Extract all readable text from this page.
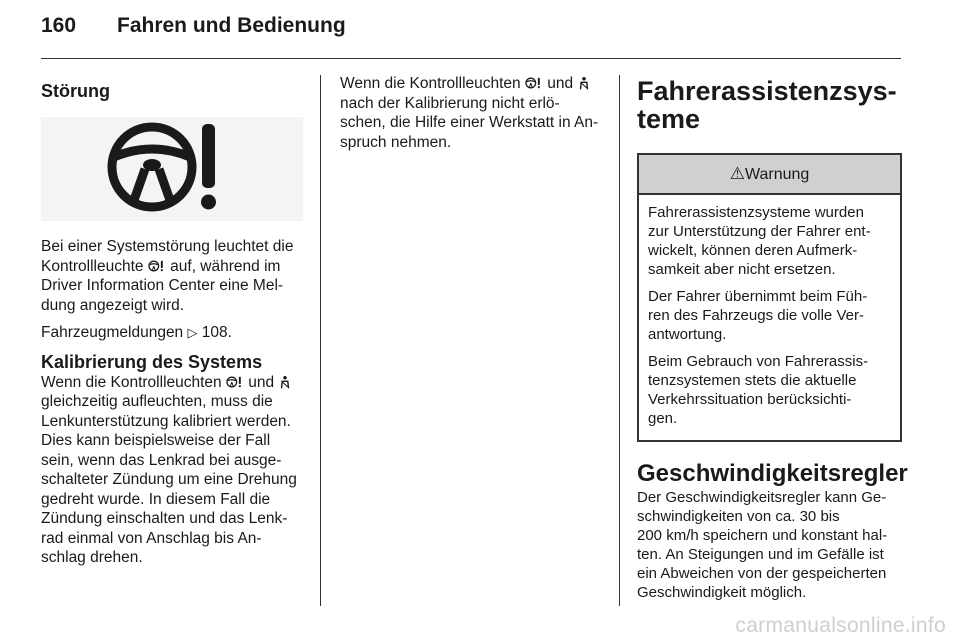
160 Fahren und Bedienung
Störung

Bei einer Systemstörung leuchtet die
Kontrollleuchte  auf, während im
Driver Information Center eine Mel-
dung angezeigt wird.

Fahrzeugmeldungen ▷ 108.

Kalibrierung des Systems

Wenn die Kontrollleuchten  und
gleichzeitig aufleuchten, muss die
Lenkunterstützung kalibriert werden.
Dies kann beispielsweise der Fall
sein, wenn das Lenkrad bei ausge-
schalteter Zündung um eine Drehung
gedreht wurde. In diesem Fall die
Zündung einschalten und das Lenk-
rad einmal von Anschlag bis An-
schlag drehen.

Wenn die Kontrollleuchten  und
nach der Kalibrierung nicht erlö-
schen, die Hilfe einer Werkstatt in An-
spruch nehmen.

Fahrerassistenzsys-
teme
⚠Warnung

Fahrerassistenzsysteme wurden
zur Unterstützung der Fahrer ent-
wickelt, können deren Aufmerk-
samkeit aber nicht ersetzen.

Der Fahrer übernimmt beim Füh-
ren des Fahrzeugs die volle Ver-
antwortung.

Beim Gebrauch von Fahrerassis-
tenzsystemen stets die aktuelle
Verkehrssituation berücksichti-
gen.

Geschwindigkeitsregler

Der Geschwindigkeitsregler kann Ge-
schwindigkeiten von ca. 30 bis
200 km/h speichern und konstant hal-
ten. An Steigungen und im Gefälle ist
ein Abweichen von der gespeicherten
Geschwindigkeit möglich.

carmanualsonline.info
